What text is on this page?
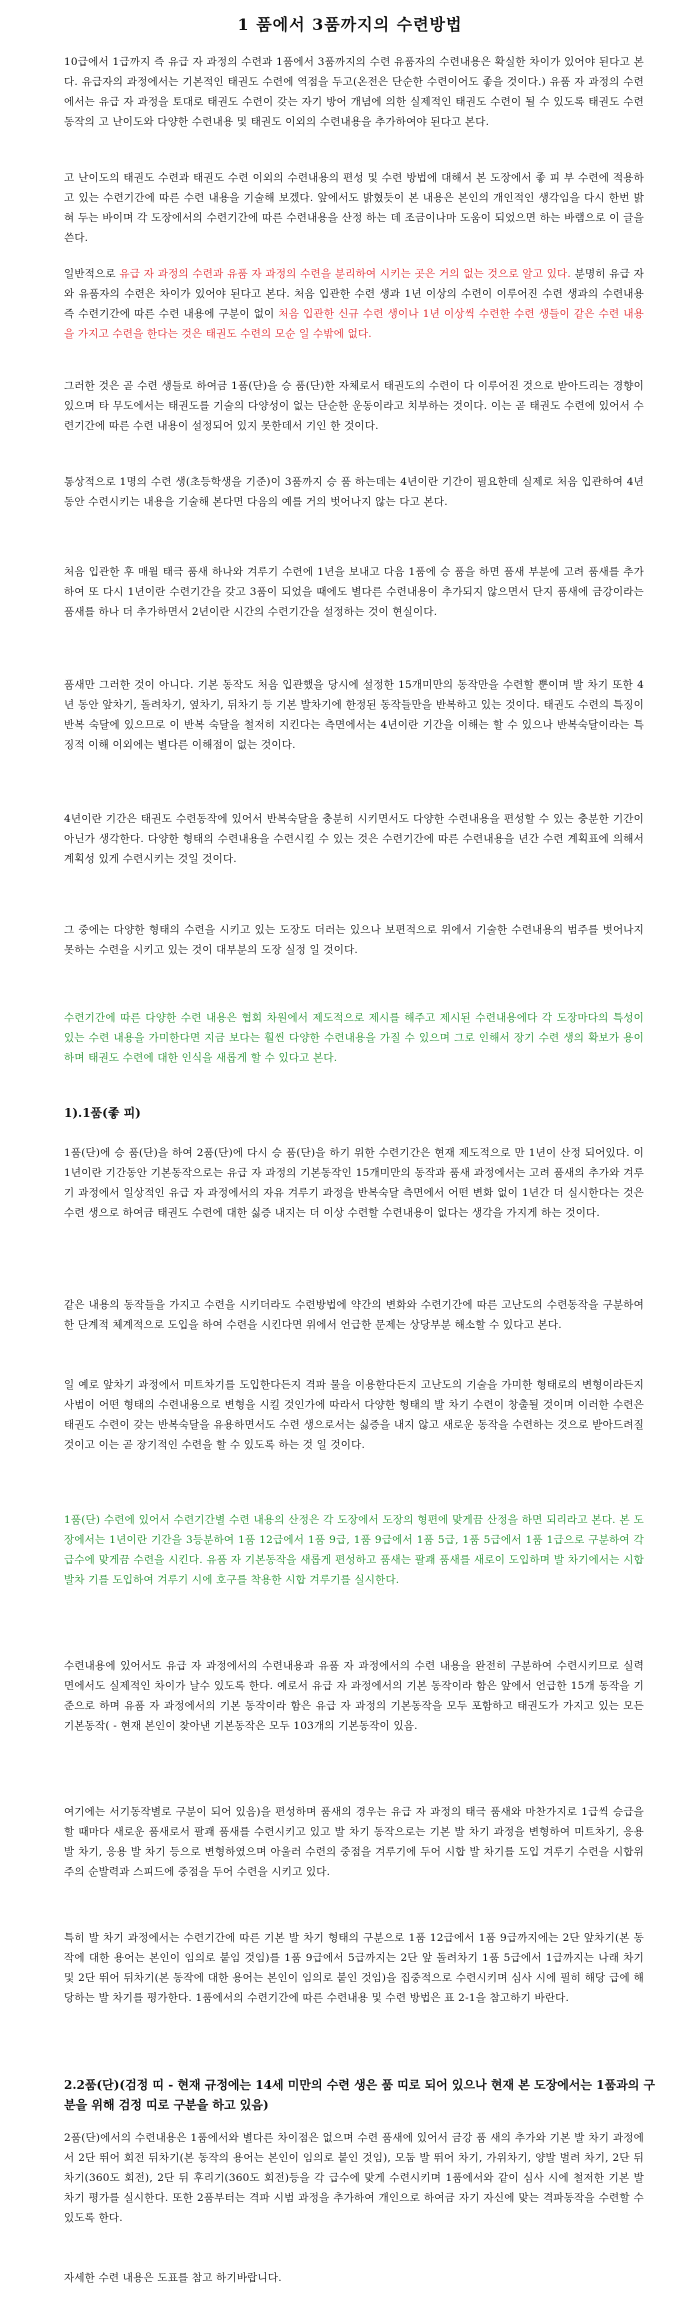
1 품에서 3품까지의 수련방법

10급에서 1급까지 즉 유급 자 과정의 수련과 1품에서 3품까지의 수련 유품자의 수련내용은 확실한 차이가 있어야 된다고 본다. 유급자의 과정에서는 기본적인 태권도 수련에 역점을 두고(온전은 단순한 수련이어도 좋을 것이다.) 유품 자 과정의 수련에서는 유급 자 과정을 토대로 태권도 수련이 갖는 자기 방어 개념에 의한 실제적인 태권도 수련이 될 수 있도록 태권도 수련동작의 고 난이도와 다양한 수련내용 및 태권도 이외의 수련내용을 추가하여야 된다고 본다.

고 난이도의 태권도 수련과 태권도 수련 이외의 수련내용의 편성 및 수련 방법에 대해서 본 도장에서 좋 피 부 수련에 적용하고 있는 수련기간에 따른 수련 내용을 기술해 보겠다. 앞에서도 밝혔듯이 본 내용은 본인의 개인적인 생각임을 다시 한번 밝혀 두는 바이며 각 도장에서의 수련기간에 따른 수련내용을 산정 하는 데 조금이나마 도움이 되었으면 하는 바램으로 이 글을 쓴다.

일반적으로 유급 자 과정의 수련과 유품 자 과정의 수련을 분리하여 시키는 곳은 거의 없는 것으로 알고 있다. 분명히 유급 자와 유품자의 수련은 차이가 있어야 된다고 본다. 처음 입관한 수련 생과 1년 이상의 수련이 이루어진 수련 생과의 수련내용 즉 수련기간에 따른 수련 내용에 구분이 없이 처음 입관한 신규 수련 생이나 1년 이상씩 수련한 수련 생들이 같은 수련 내용을 가지고 수련을 한다는 것은 태권도 수련의 모순 일 수밖에 없다.

그러한 것은 곧 수련 생들로 하여금 1품(단)을 승 품(단)한 자체로서 태권도의 수련이 다 이루어진 것으로 받아드리는 경향이 있으며 타 무도에서는 태권도를 기술의 다양성이 없는 단순한 운동이라고 치부하는 것이다. 이는 곧 태권도 수련에 있어서 수련기간에 따른 수련 내용이 설정되어 있지 못한데서 기인 한 것이다.

통상적으로 1명의 수련 생(초등학생을 기준)이 3품까지 승 품 하는데는 4년이란 기간이 필요한데 실제로 처음 입관하여 4년 동안 수련시키는 내용을 기술해 본다면 다음의 예를 거의 벗어나지 않는 다고 본다.

처음 입관한 후 매월 태극 품새 하나와 겨루기 수련에 1년을 보내고 다음 1품에 승 품을 하면 품새 부분에 고려 품새를 추가하여 또 다시 1년이란 수련기간을 갖고 3품이 되었을 때에도 별다른 수련내용이 추가되지 않으면서 단지 품새에 금강이라는 품새를 하나 더 추가하면서 2년이란 시간의 수련기간을 설정하는 것이 현실이다.

품새만 그러한 것이 아니다. 기본 동작도 처음 입관했을 당시에 설정한 15개미만의 동작만을 수련할 뿐이며 발 차기 또한 4년 동안 앞차기, 돌려차기, 옆차기, 뒤차기 등 기본 발차기에 한정된 동작들만을 반복하고 있는 것이다. 태권도 수련의 특징이 반복 숙달에 있으므로 이 반복 숙달을 철저히 지킨다는 측면에서는 4년이란 기간을 이해는 할 수 있으나 반복숙달이라는 특징적 이해 이외에는 별다른 이해점이 없는 것이다.

4년이란 기간은 태권도 수련동작에 있어서 반복숙달을 충분히 시키면서도 다양한 수련내용을 편성할 수 있는 충분한 기간이 아닌가 생각한다. 다양한 형태의 수련내용을 수련시킬 수 있는 것은 수련기간에 따른 수련내용을 년간 수련 계획표에 의해서 계획성 있게 수련시키는 것일 것이다.

그 중에는 다양한 형태의 수련을 시키고 있는 도장도 더러는 있으나 보편적으로 위에서 기술한 수련내용의 범주를 벗어나지 못하는 수련을 시키고 있는 것이 대부분의 도장 실정 일 것이다.

수련기간에 따른 다양한 수련 내용은 협회 차원에서 제도적으로 제시를 해주고 제시된 수련내용에다 각 도장마다의 특성이 있는 수련 내용을 가미한다면 지금 보다는 훨씬 다양한 수련내용을 가질 수 있으며 그로 인해서 장기 수련 생의 확보가 용이하며 태권도 수련에 대한 인식을 새롭게 할 수 있다고 본다.

1).1품(좋 피)

1품(단)에 승 품(단)을 하여 2품(단)에 다시 승 품(단)을 하기 위한 수련기간은 현재 제도적으로 만 1년이 산정 되어있다. 이 1년이란 기간동안 기본동작으로는 유급 자 과정의 기본동작인 15개미만의 동작과 품새 과정에서는 고려 품새의 추가와 겨루기 과정에서 일상적인 유급 자 과정에서의 자유 겨루기 과정을 반복숙달 측면에서 어떤 변화 없이 1년간 더 실시한다는 것은 수련 생으로 하여금 태권도 수련에 대한 싫증 내지는 더 이상 수련할 수련내용이 없다는 생각을 가지게 하는 것이다.

같은 내용의 동작들을 가지고 수련을 시키더라도 수련방법에 약간의 변화와 수련기간에 따른 고난도의 수련동작을 구분하여 한 단계적 체계적으로 도입을 하여 수련을 시킨다면 위에서 언급한 문제는 상당부분 해소할 수 있다고 본다.

일 예로 앞차기 과정에서 미트차기를 도입한다든지 격파 물을 이용한다든지 고난도의 기술을 가미한 형태로의 변형이라든지 사범이 어떤 형태의 수련내용으로 변형을 시킬 것인가에 따라서 다양한 형태의 발 차기 수련이 창출될 것이며 이러한 수련은 태권도 수련이 갖는 반복숙달을 유용하면서도 수련 생으로서는 싫증을 내지 않고 새로운 동작을 수련하는 것으로 받아드려질 것이고 이는 곧 장기적인 수련을 할 수 있도록 하는 것 일 것이다.

1품(단) 수련에 있어서 수련기간별 수련 내용의 산정은 각 도장에서 도장의 형편에 맞게끔 산정을 하면 되리라고 본다. 본 도장에서는 1년이란 기간을 3등분하여 1품 12급에서 1품 9급, 1품 9급에서 1품 5급, 1품 5급에서 1품 1급으로 구분하여 각 급수에 맞게끔 수련을 시킨다. 유품 자 기본동작을 새롭게 편성하고 품새는 팔괘 품새를 새로이 도입하며 발 차기에서는 시합 발차 기를 도입하여 겨루기 시에 호구를 착용한 시합 겨루기를 실시한다.

수련내용에 있어서도 유급 자 과정에서의 수련내용과 유품 자 과정에서의 수련 내용을 완전히 구분하여 수련시키므로 실력 면에서도 실제적인 차이가 날수 있도록 한다. 예로서 유급 자 과정에서의 기본 동작이라 함은 앞에서 언급한 15개 동작을 기준으로 하며 유품 자 과정에서의 기본 동작이라 함은 유급 자 과정의 기본동작을 모두 포함하고 태권도가 가지고 있는 모든 기본동작( - 현재 본인이 찾아낸 기본동작은 모두 103개의 기본동작이 있음.

여기에는 서기동작별로 구분이 되어 있음)을 편성하며 품새의 경우는 유급 자 과정의 태극 품새와 마찬가지로 1급씩 승급을 할 때마다 새로운 품새로서 팔괘 품새를 수련시키고 있고 발 차기 동작으로는 기본 발 차기 과정을 변형하여 미트차기, 응용 발 차기, 응용 발 차기 등으로 변형하였으며 아울러 수련의 중점을 겨루기에 두어 시합 발 차기를 도입 겨루기 수련을 시합위주의 순발력과 스피드에 중점을 두어 수련을 시키고 있다.

특히 발 차기 과정에서는 수련기간에 따른 기본 발 차기 형태의 구분으로 1품 12급에서 1품 9급까지에는 2단 앞차기(본 동작에 대한 용어는 본인이 임의로 붙임 것임)를 1품 9급에서 5급까지는 2단 앞 돌려차기 1품 5급에서 1급까지는 나래 차기 및 2단 뛰어 뒤차기(본 동작에 대한 용어는 본인이 임의로 붙인 것임)을 집중적으로 수련시키며 심사 시에 필히 해당 급에 해당하는 발 차기를 평가한다. 1품에서의 수련기간에 따른 수련내용 및 수련 방법은 표 2-1을 참고하기 바란다.

2.2품(단)(검정 띠 - 현재 규정에는 14세 미만의 수련 생은 품 띠로 되어 있으나 현재 본 도장에서는 1품과의 구분을 위해 검정 띠로 구분을 하고 있음)

2품(단)에서의 수련내용은 1품에서와 별다른 차이점은 없으며 수련 품새에 있어서 금강 품 새의 추가와 기본 발 차기 과정에서 2단 뛰어 회전 뒤차기(본 동작의 용어는 본인이 임의로 붙인 것임), 모둠 발 뛰어 차기, 가위차기, 양발 벌려 차기, 2단 뒤차기(360도 회전), 2단 뒤 후리기(360도 회전)등을 각 급수에 맞게 수련시키며 1품에서와 같이 심사 시에 철저한 기본 발 차기 평가를 실시한다. 또한 2품부터는 격파 시범 과정을 추가하여 개인으로 하여금 자기 자신에 맞는 격파동작을 수련할 수 있도록 한다.

자세한 수련 내용은 도표를 참고 하기바랍니다.
